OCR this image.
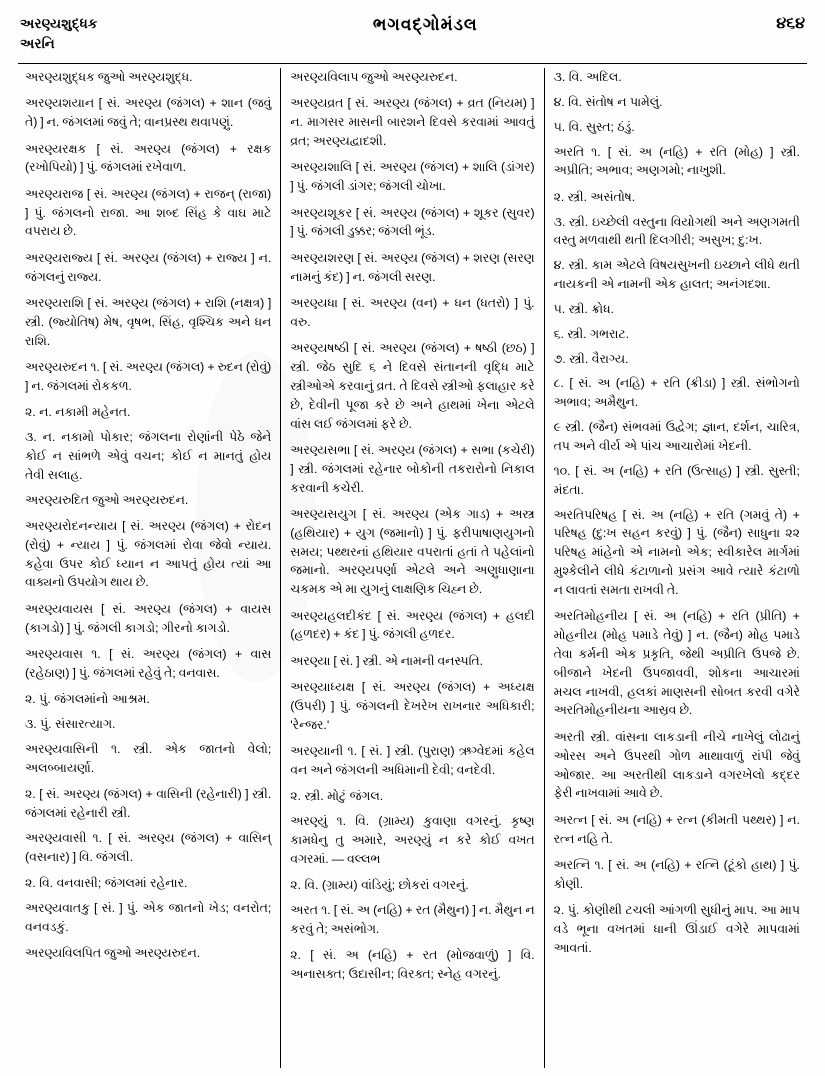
અરણ્યશુદ્ધક
અરનિ
ભગવદ્ગોમંડલ	૪૬૪
અરણ્યશુદ્ધક જુઓ અરણ્યશુદ્ધ.
અરણ્યશયાન [ સં. અરણ્ય (જંગલ) + શાન (જવું તે) ] ન. જંગલમાં જવું તે; વાનપ્રસ્થ થવાપણું.
અરણ્યરક્ષક [ સં. અરણ્ય (જંગલ) + રક્ષક (રખોપિયો) ] પું. જંગલમાં રખેવાળ.
અરણ્યરાજ [ સં. અરણ્ય (જંગલ) + રાજન્ (રાજા) ] પું. જંગલનો રાજા. આ શબ્દ સિંહ કે વાઘ માટે વપરાય છે.
અરણ્યરાજ્ય [ સં. અરણ્ય (જંગલ) + રાજ્ય ] ન. જંગલનું રાજ્ય.
અરણ્યરાશિ [ સં. અરણ્ય (જંગલ) + રાશિ (નક્ષત્ર) ] સ્ત્રી. (જ્યોતિષ) મેષ, વૃષભ, સિંહ, વૃશ્ચિક અને ધન રાશિ.
અરણ્યરુદન ૧. [ સં. અરણ્ય (જંગલ) + રુદન (રોવું) ] ન. જંગલમાં રોકકળ.
૨. ન. નકામી મહેનત.
૩. ન. નકામો પોકાર; જંગલના રોણાંની પેઠે જેને કોઈ ન સાંભળે એવું વચન; કોઈ ન માનતું હોય તેવી સલાહ.
અરણ્યરુદિત જુઓ અરણ્યરુદન.
અરણ્યરોદનન્યાય [ સં. અરણ્ય (જંગલ) + રોદન (રોવું) + ન્યાય ] પું. જંગલમાં રોવા જેવો ન્યાય. કહેવા ઉપર કોઈ ધ્યાન ન આપતું હોય ત્યાં આ વાક્યનો ઉપયોગ થાય છે.
અરણ્યવાયસ [ સં. અરણ્ય (જંગલ) + વાયસ (કાગડો) ] પું. જંગલી કાગડો; ગીરનો કાગડો.
અરણ્યવાસ ૧. [ સં. અરણ્ય (જંગલ) + વાસ (રહેઠાણ) ] પું. જંગલમાં રહેવું તે; વનવાસ.
૨. પું. જંગલમાંનો આશ્રમ.
૩. પું. સંસારત્યાગ.
અરણ્યવાસિની ૧. સ્ત્રી. એક જાતનો વેલો; અલબ્બાયર્ણા.
૨. [ સં. અરણ્ય (જંગલ) + વાસિની (રહેનારી) ] સ્ત્રી. જંગલમાં રહેનારી સ્ત્રી.
અરણ્યવાસી ૧. [ સં. અરણ્ય (જંગલ) + વાસિન્ (વસનાર) ] વિ. જંગલી.
૨. વિ. વનવાસી; જંગલમાં રહેનાર.
અરણ્યવાતકુ [ સં. ] પું. એક જાતનો ખેડ; વનરોત; વનવડકું.
અરણ્યવિલપિત જુઓ અરણ્યરુદન.
અરણ્યવિલાપ જુઓ અરણ્યરુદન.
અરણ્યવ્રત [ સં. અરણ્ય (જંગલ) + વ્રત (નિયમ) ] ન. માગસર માસની બારશને દિવસે કરવામાં આવતું વ્રત; અરણ્યદ્વાદશી.
અરણ્યશાલિ [ સં. અરણ્ય (જંગલ) + શાલિ (ડાંગર) ] પું. જંગલી ડાંગર; જંગલી ચોખા.
અરણ્યશૂકર [ સં. અરણ્ય (જંગલ) + શૂકર (સુવર) ] પું. જંગલી ડુક્કર; જંગલી ભૂંડ.
અરણ્યશરણ [ સં. અરણ્ય (જંગલ) + શરણ (સરણ નામનું કંદ) ] ન. જંગલી સરણ.
અરણ્યધા [ સં. અરણ્ય (વન) + ધન (ધતરો) ] પું. વરુ.
અરણ્યષષ્ઠી [ સં. અરણ્ય (જંગલ) + ષષ્ઠી (છઠ) ] સ્ત્રી. જેઠ સુદિ ૬ ને દિવસે સંતાનની વૃદ્ધિ માટે સ્ત્રીઓએ કરવાનું વ્રત. તે દિવસે સ્ત્રીઓ ફલાહાર કરે છે, દેવીની પૂજા કરે છે અને હાથમાં ખેના એટલે વાંસ લઈ જંગલમાં ફરે છે.
અરણ્યસભા [ સં. અરણ્ય (જંગલ) + સભા (કચેરી) ] સ્ત્રી. જંગલમાં રહેનાર બોકોની તકરારોનો નિકાલ કરવાની કચેરી.
અરણ્યસયુગ [ સં. અરણ્ય (એક ગાડ) + અસ્ત્ર (હથિયાર) + યુગ (જમાનો) ] પું. ફરીપાષાણયુગનો સમય; પથ્થરનાં હથિયાર વપરાતાં હતાં તે પહેલાંનો જમાનો. અરણ્યપર્ણા એટલે અને અણુધાણાના ચકમક એ મા યુગનું લાક્ષણિક ચિહ્ન છે.
અરણ્યહલદીકંદ [ સં. અરણ્ય (જંગલ) + હલદી (હળદર) + કંદ ] પું. જંગલી હળદર.
અરણ્યા [ સં. ] સ્ત્રી. એ નામની વનસ્પતિ.
અરણ્યાધ્યક્ષ [ સં. અરણ્ય (જંગલ) + અધ્યક્ષ (ઉપરી) ] પું. જંગલની દેખરેખ રાખનાર અધિકારી; 'રેન્જર.'
અરણ્યાની ૧. [ સં. ] સ્ત્રી. (પુરાણ) ઋગ્વેદમાં કહેલ વન અને જંગલની અધિમાની દેવી; વનદેવી.
૨. સ્ત્રી. મોટું જંગલ.
અરણ્યું ૧. વિ. (ગ્રામ્ય) કુવાણા વગરનું. કૃષ્ણ કામધેનુ તુ અમારે, અરણ્યું ન કરે કોઈ વખત વગરમાં. — વલ્લભ
૨. વિ. (ગ્રામ્ય) વાંડિયું; છોકરાં વગરનું.
અરત ૧. [ સં. અ (નહિ) + રત (મૈથુન) ] ન. મૈથુન ન કરવું તે; અસંભોગ.
૨. [ સં. અ (નહિ) + રત (મોજવાળું) ] વિ. અનાસક્ત; ઉદાસીન; વિરક્ત; સ્નેહ વગરનું.
૩. વિ. અદિલ.
૪. વિ. સંતોષ ન પામેલું.
૫. વિ. સુસ્ત; ઠંડું.
અરતિ ૧. [ સં. અ (નહિ) + રતિ (મોહ) ] સ્ત્રી. અપ્રીતિ; અભાવ; અણગમો; નાખુશી.
૨. સ્ત્રી. અસંતોષ.
૩. સ્ત્રી. ઇચ્છેલી વસ્તુના વિયોગથી અને અણગમતી વસ્તુ મળવાથી થતી દિલગીરી; અસુખ; દુ:ખ.
૪. સ્ત્રી. કામ એટલે વિષયસુખની ઇચ્છાને લીધે થતી નાયકની એ નામની એક હાલત; અનંગદશા.
૫. સ્ત્રી. ક્રોધ.
૬. સ્ત્રી. ગભરાટ.
૭. સ્ત્રી. વૈરાગ્ય.
૮. [ સં. અ (નહિ) + રતિ (ક્રીડા) ] સ્ત્રી. સંભોગનો અભાવ; અમૈથુન.
૯ સ્ત્રી. (જૈન) સંભવમાં ઉદ્વેગ; જ્ઞાન, દર્શન, ચારિત્ર, તપ અને વીર્ય એ પાંચ આચારોમાં ખેદની.
૧૦. [ સં. અ (નહિ) + રતિ (ઉત્સાહ) ] સ્ત્રી. સુસ્તી; મંદતા.
અરતિપરિષહ [ સં. અ (નહિ) + રતિ (ગમવું તે) + પરિષહ (દુ:ખ સહન કરવું) ] પું. (જૈન) સાધુના ૨૨ પરિષહ માંહેનો એ નામનો એક; સ્વીકારેલ માર્ગમાં મુશ્કેલીને લીધે કંટાળાનો પ્રસંગ આવે ત્યારે કંટાળો ન લાવતાં સમતા રાખવી તે.
અરતિમોહનીય [ સં. અ (નહિ) + રતિ (પ્રીતિ) + મોહનીય (મોહ પમાડે તેવું) ] ન. (જૈન) મોહ પમાડે તેવા કર્મની એક પ્રકૃતિ, જેથી અપ્રીતિ ઉપજે છે. બીજાને ખેદની ઉપજાવવી, શોકના આચારમાં મચલ નાખવી, હલકાં માણસની સોબત કરવી વગેરે અરતિમોહનીયના આસ્રવ છે.
અરતી સ્ત્રી. વાંસના લાકડાની નીચે નાખેલું લોઢાનું ઓરસ અને ઉપરથી ગોળ માથાવાળું રાંપી જેવું ઓજાર. આ અરતીથી લાકડાને વગરખેલો કદ્દર ફેરી નાખવામાં આવે છે.
અરત્ન [ સં. અ (નહિ) + રત્ન (કીમતી પથ્થર) ] ન. રત્ન નહિ તે.
અરત્નિ ૧. [ સં. અ (નહિ) + રત્નિ (ટૂંકો હાથ) ] પું. કોણી.
૨. પું. કોણીથી ટચલી આંગળી સુધીનું માપ. આ માપ વડે ભૂના વખતમાં ધાની ઊંડાઈ વગેરે માપવામાં આવતાં.
